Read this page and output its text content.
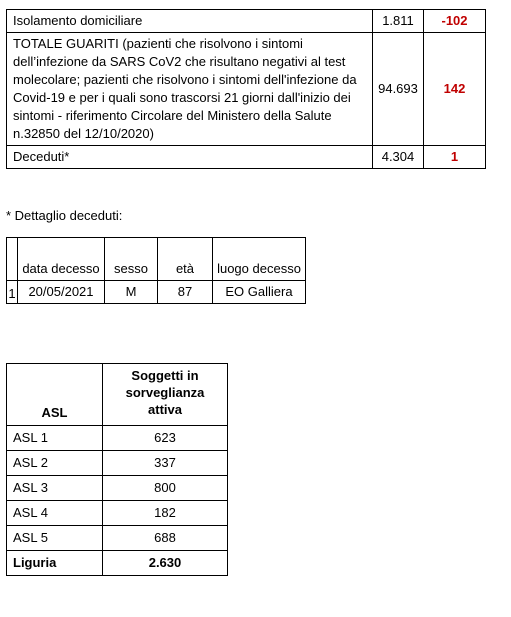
Isolamento domiciliare	1.811	-102
TOTALE GUARITI (pazienti che risolvono i sintomi dell’infezione da SARS CoV2 che risultano negativi al test molecolare; pazienti che risolvono i sintomi dell'infezione da Covid-19 e per i quali sono trascorsi 21 giorni dall'inizio dei sintomi - riferimento Circolare del Ministero della Salute n.32850 del 12/10/2020)	94.693	142
Deceduti*	4.304	1
* Dettaglio deceduti:
	data decesso	sesso	età	luogo decesso
1	20/05/2021	M	87	EO Galliera
ASL	Soggetti in sorveglianza attiva
ASL 1	623
ASL 2	337
ASL 3	800
ASL 4	182
ASL 5	688
Liguria	2.630
